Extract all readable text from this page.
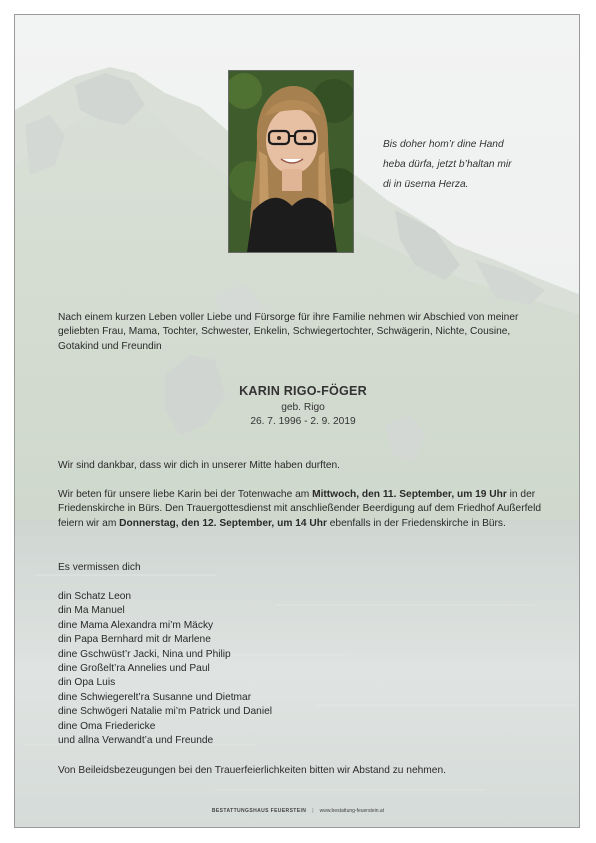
Bis doher hom’r dine Hand
heba dürfa, jetzt b’haltan mir
di in üserna Herza.
Nach einem kurzen Leben voller Liebe und Fürsorge für ihre Familie nehmen wir Abschied von meiner geliebten Frau, Mama, Tochter, Schwester, Enkelin, Schwiegertochter, Schwägerin, Nichte, Cousine, Gotakind und Freundin
KARIN RIGO-FÖGER
geb. Rigo
26. 7. 1996 - 2. 9. 2019
Wir sind dankbar, dass wir dich in unserer Mitte haben durften.
Wir beten für unsere liebe Karin bei der Totenwache am Mittwoch, den 11. September, um 19 Uhr in der Friedenskirche in Bürs. Den Trauergottesdienst mit anschließender Beerdigung auf dem Friedhof Außerfeld feiern wir am Donnerstag, den 12. September, um 14 Uhr ebenfalls in der Friedenskirche in Bürs.
Es vermissen dich
din Schatz Leon
din Ma Manuel
dine Mama Alexandra mi’m Mäcky
din Papa Bernhard mit dr Marlene
dine Gschwüst’r Jacki, Nina und Philip
dine Großelt’ra Annelies und Paul
din Opa Luis
dine Schwiegerelt’ra Susanne und Dietmar
dine Schwögeri Natalie mi’m Patrick und Daniel
dine Oma Friedericke
und allna Verwandt’a und Freunde
Von Beileidsbezeugungen bei den Trauerfeierlichkeiten bitten wir Abstand zu nehmen.
BESTATTUNGSHAUS FEUERSTEIN | www.bestattung-feuerstein.at
